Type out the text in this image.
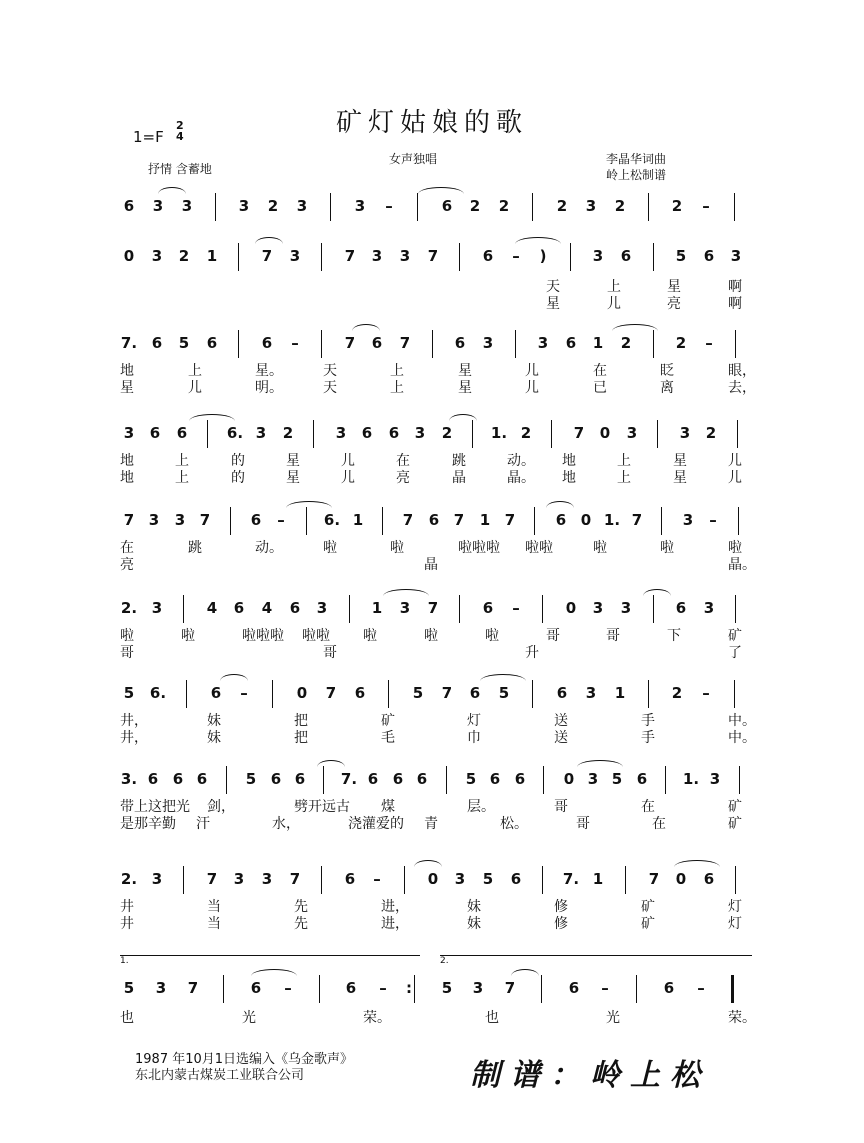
矿灯姑娘的歌
1=F
2
4
抒情 含蓄地
女声独唱	李晶华词曲
岭上松制谱
6	3	3	3	2	3	3	–	6	2	2	2	3	2	2	–
0	3	2	1	7	3	7	3	3	7	6	–	)	3	6	5	6	3
天	上	星	啊
星	儿	亮	啊
7. 6	5	6	6	–	7	6	7	6	3	3	6	1	2	2	–
地	上	星。	天	上	星	儿	在	眨	眼，
星	儿	明。	天	上	星	儿	已	离	去，
3	6	6	6. 3	2	3	6	6	3	2	1. 2	7	0	3	3	2
地	上	的	星	儿	在	跳	动。 地	上	星	儿
地	上	的	星	儿	亮	晶	晶。 地	上	星	儿
7 3	3 7	6	–	6. 1	7	6 7	1 7	6 0 1. 7	3	–
在	跳	动。	啦	啦	啦啦啦 啦啦	啦	啦	啦
亮	晶	晶。
2. 3	4	6	4	6	3	1	3	7	6	–	0	3	3	6	3
啦	啦	啦啦啦 啦啦 啦	啦	啦	哥	哥	下	矿
哥	哥	升	了
5	6.	6	–	0	7	6	5	7	6	5	6	3	1	2	–
井，	妹	把	矿	灯	送	手	中。
井，	妹	把	毛	巾	送	手	中。
3. 6 6 6	5 6 6	7. 6 6 6	5 6 6	0 3 5 6	1. 3
带上这把光 剑，	劈开远古 煤	层。	哥	在	矿
是那辛勤 汗	水，	浇灌爱的 青	松。	哥	在	矿
2. 3	7	3	3	7	6	–	0	3	5	6	7. 1	7	0	6
井	当	先	进，	妹	修	矿	灯
井	当	先	进，	妹	修	矿	灯
5	3	7	6	–	6	–	:	5	3	7	6	–	6	–
也	光	荣。	也	光	荣。
1.	2.
1987 年10月1日选编入《乌金歌声》
东北内蒙古煤炭工业联合公司	制谱：岭上松
